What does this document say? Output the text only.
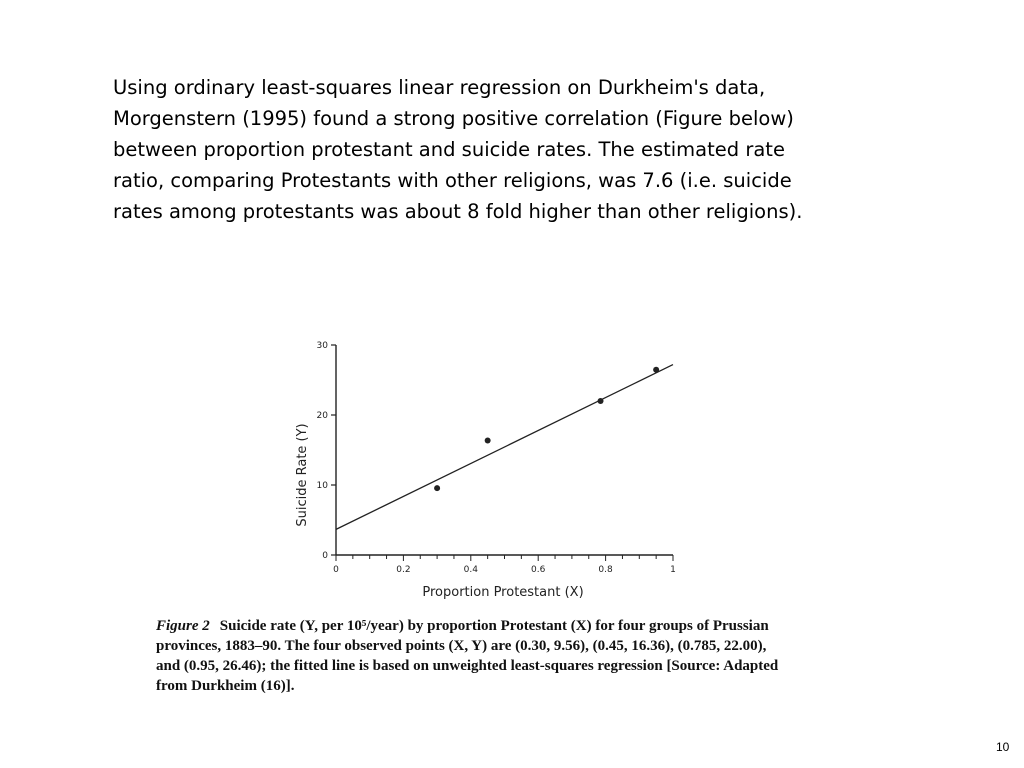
Using ordinary least-squares linear regression on Durkheim's data,
Morgenstern (1995) found a strong positive correlation (Figure below)
between proportion protestant and suicide rates. The estimated rate
ratio, comparing Protestants with other religions, was 7.6 (i.e. suicide
rates among protestants was about 8 fold higher than other religions).
0
10
20
30
0	0.2	0.4	0.6	0.8	1
Proportion Protestant (X)
Suicide Rate (Y)
Figure 2 Suicide rate (Y, per 10⁵/year) by proportion Protestant (X) for four groups of Prussian
provinces, 1883–90. The four observed points (X, Y) are (0.30, 9.56), (0.45, 16.36), (0.785, 22.00),
and (0.95, 26.46); the fitted line is based on unweighted least-squares regression [Source: Adapted
from Durkheim (16)].
10
